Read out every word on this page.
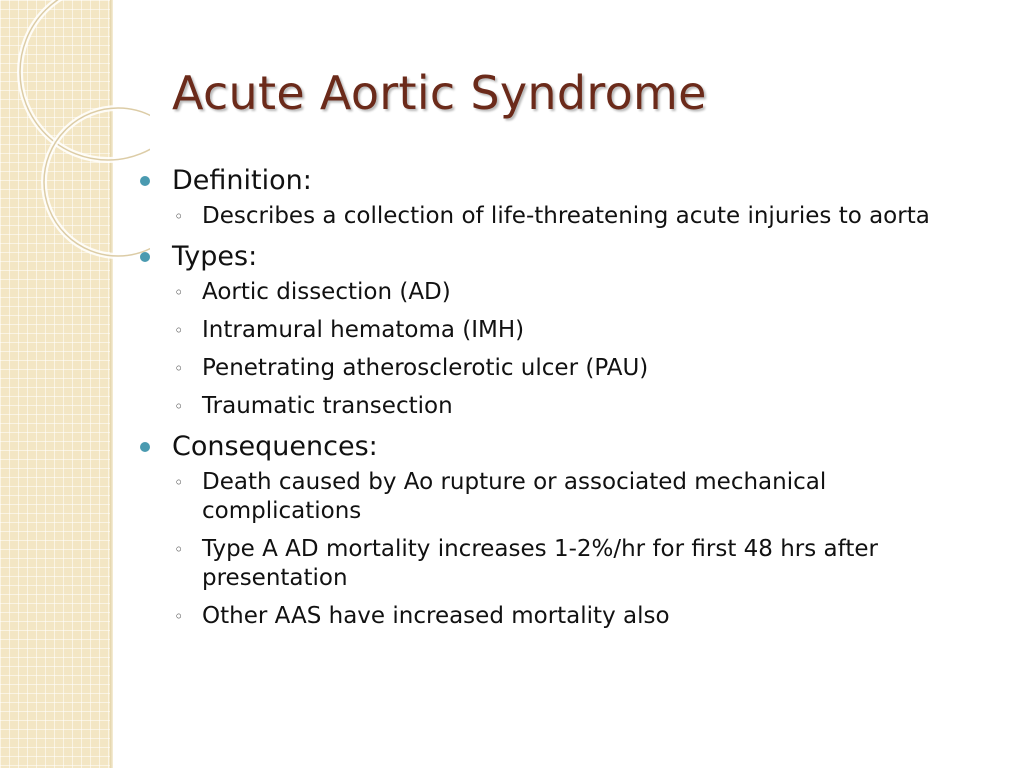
Acute Aortic Syndrome
Definition:
◦ Describes a collection of life-threatening acute injuries to aorta
Types:
◦ Aortic dissection (AD)
◦ Intramural hematoma (IMH)
◦ Penetrating atherosclerotic ulcer (PAU)
◦ Traumatic transection
Consequences:
◦ Death caused by Ao rupture or associated mechanical complications
◦ Type A AD mortality increases 1-2%/hr for first 48 hrs after presentation
◦ Other AAS have increased mortality also
